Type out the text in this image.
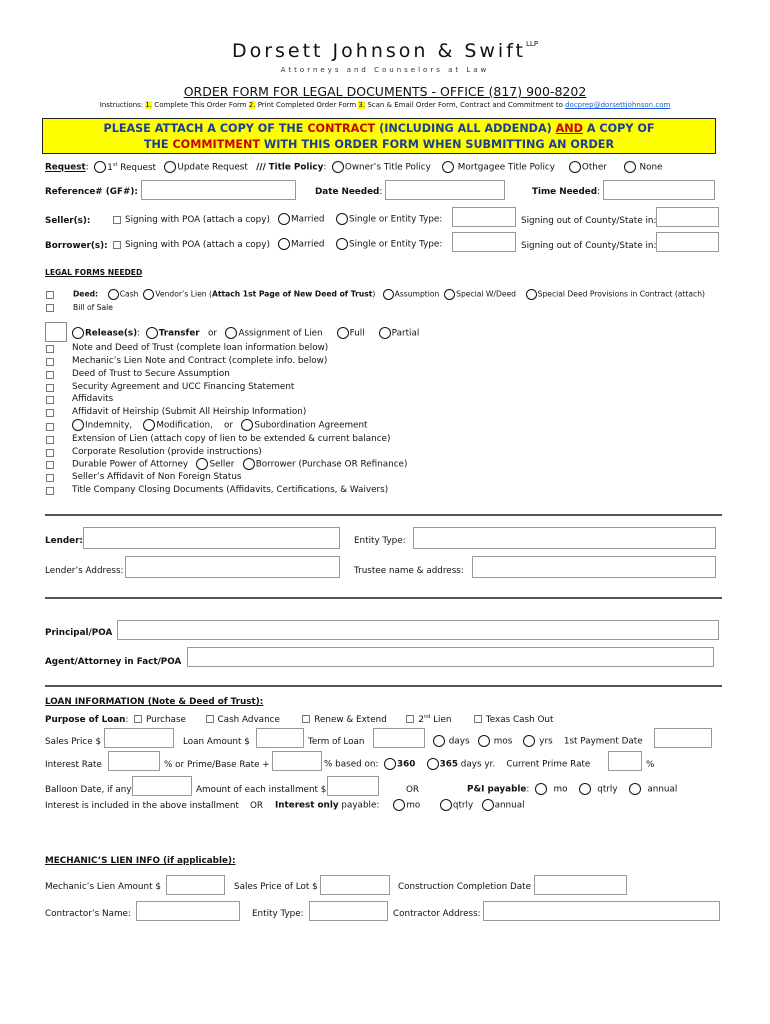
Dorsett Johnson & Swift$^{LLP}$
Attorneys and Counselors at Law
ORDER FORM FOR LEGAL DOCUMENTS - OFFICE (817) 900-8202
Instructions: 1. Complete This Order Form 2. Print Completed Order Form 3. Scan & Email Order Form, Contract and Commitment to docprep@dorsettjohnson.com
PLEASE ATTACH A COPY OF THE CONTRACT (INCLUDING ALL ADDENDA) AND A COPY OF
THE COMMITMENT WITH THIS ORDER FORM WHEN SUBMITTING AN ORDER
Request:  1st Request Update Request /// Title Policy:  Owner’s Title Policy	Mortgagee Title Policy	Other	None
Reference# (GF#):	Date Needed:	Time Needed:
Seller(s):	Signing with POA (attach a copy)	Married	Single or Entity Type:	Signing out of County/State in:
Borrower(s):	Signing with POA (attach a copy)	Married	Single or Entity Type:	Signing out of County/State in:
LEGAL FORMS NEEDED
Deed:	Cash Vendor’s Lien (Attach 1st Page of New Deed of Trust)	Assumption Special W/Deed	Special Deed Provisions in Contract (attach)
Bill of Sale
Release(s): Transfer or Assignment of Lien	Full	Partial
Note and Deed of Trust (complete loan information below)
Mechanic’s Lien Note and Contract (complete info. below)
Deed of Trust to Secure Assumption
Security Agreement and UCC Financing Statement
Affidavits
Affidavit of Heirship (Submit All Heirship Information)
Indemnity,	Modification, or Subordination Agreement
Extension of Lien (attach copy of lien to be extended & current balance)
Corporate Resolution (provide instructions)
Durable Power of Attorney Seller Borrower (Purchase OR Refinance)
Seller’s Affidavit of Non Foreign Status
Title Company Closing Documents (Affidavits, Certifications, & Waivers)
Lender:	Entity Type:
Lender’s Address:	Trustee name & address:
Principal/POA
Agent/Attorney in Fact/POA
LOAN INFORMATION (Note & Deed of Trust):
Purpose of Loan:  Purchase	Cash Advance	Renew & Extend	2nd Lien	Texas Cash Out
Sales Price $	Loan Amount $	Term of Loan	days	mos	yrs 1st Payment Date
Interest Rate	% or Prime/Base Rate +	% based on: 360	365 days yr. Current Prime Rate	%
Balloon Date, if any	Amount of each installment $	OR	P&I payable:    mo	qtrly	annual
Interest is included in the above installment OR Interest only payable:	mo	qtrly annual
MECHANIC’S LIEN INFO (if applicable):
Mechanic’s Lien Amount $	Sales Price of Lot $	Construction Completion Date
Contractor’s Name:	Entity Type:	Contractor Address:
